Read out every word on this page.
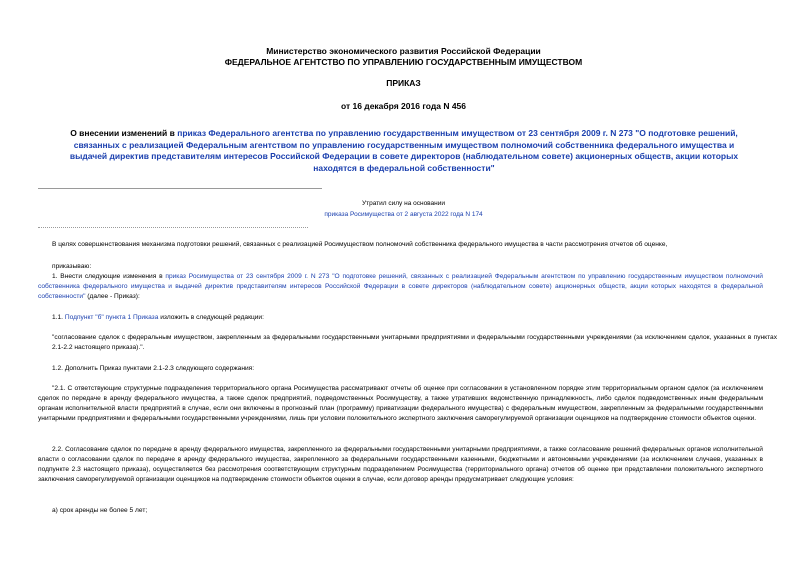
Министерство экономического развития Российской Федерации
ФЕДЕРАЛЬНОЕ АГЕНТСТВО ПО УПРАВЛЕНИЮ ГОСУДАРСТВЕННЫМ ИМУЩЕСТВОМ
ПРИКАЗ
от 16 декабря 2016 года N 456
О внесении изменений в приказ Федерального агентства по управлению государственным имуществом от 23 сентября 2009 г. N 273 "О подготовке решений, связанных с реализацией Федеральным агентством по управлению государственным имуществом полномочий собственника федерального имущества и выдачей директив представителям интересов Российской Федерации в совете директоров (наблюдательном совете) акционерных обществ, акции которых находятся в федеральной собственности"
Утратил силу на основании
приказа Росимущества от 2 августа 2022 года N 174
В целях совершенствования механизма подготовки решений, связанных с реализацией Росимуществом полномочий собственника федерального имущества в части рассмотрения отчетов об оценке,
приказываю:
1. Внести следующие изменения в приказ Росимущества от 23 сентября 2009 г. N 273 "О подготовке решений, связанных с реализацией Федеральным агентством по управлению государственным имуществом полномочий собственника федерального имущества и выдачей директив представителям интересов Российской Федерации в совете директоров (наблюдательном совете) акционерных обществ, акции которых находятся в федеральной собственности" (далее - Приказ):
1.1. Подпункт "б" пункта 1 Приказа изложить в следующей редакции:
"согласование сделок с федеральным имуществом, закрепленным за федеральными государственными унитарными предприятиями и федеральными государственными учреждениями (за исключением сделок, указанных в пунктах 2.1-2.2 настоящего приказа).".
1.2. Дополнить Приказ пунктами 2.1-2.3 следующего содержания:
"2.1. С ответствующие структурные подразделения территориального органа Росимущества рассматривают отчеты об оценке при согласовании в установленном порядке этим территориальным органом сделок (за исключением сделок по передаче в аренду федерального имущества, а также сделок предприятий, подведомственных Росимуществу, а также утративших ведомственную принадлежность, либо сделок подведомственных иным федеральным органам исполнительной власти предприятий в случае, если они включены в прогнозный план (программу) приватизации федерального имущества) с федеральным имуществом, закрепленным за федеральными государственными унитарными предприятиями и федеральными государственными учреждениями, лишь при условии положительного экспертного заключения саморегулируемой организации оценщиков на подтверждение стоимости объектов оценки.
2.2. Согласование сделок по передаче в аренду федерального имущества, закрепленного за федеральными государственными унитарными предприятиями, а также согласование решений федеральных органов исполнительной власти о согласовании сделок по передаче в аренду федерального имущества, закрепленного за федеральными государственными казенными, бюджетными и автономными учреждениями (за исключением случаев, указанных в подпункте 2.3 настоящего приказа), осуществляется без рассмотрения соответствующим структурным подразделением Росимущества (территориального органа) отчетов об оценке при представлении положительного экспертного заключения саморегулируемой организации оценщиков на подтверждение стоимости объектов оценки в случае, если договор аренды предусматривает следующие условия:
а) срок аренды не более 5 лет;
